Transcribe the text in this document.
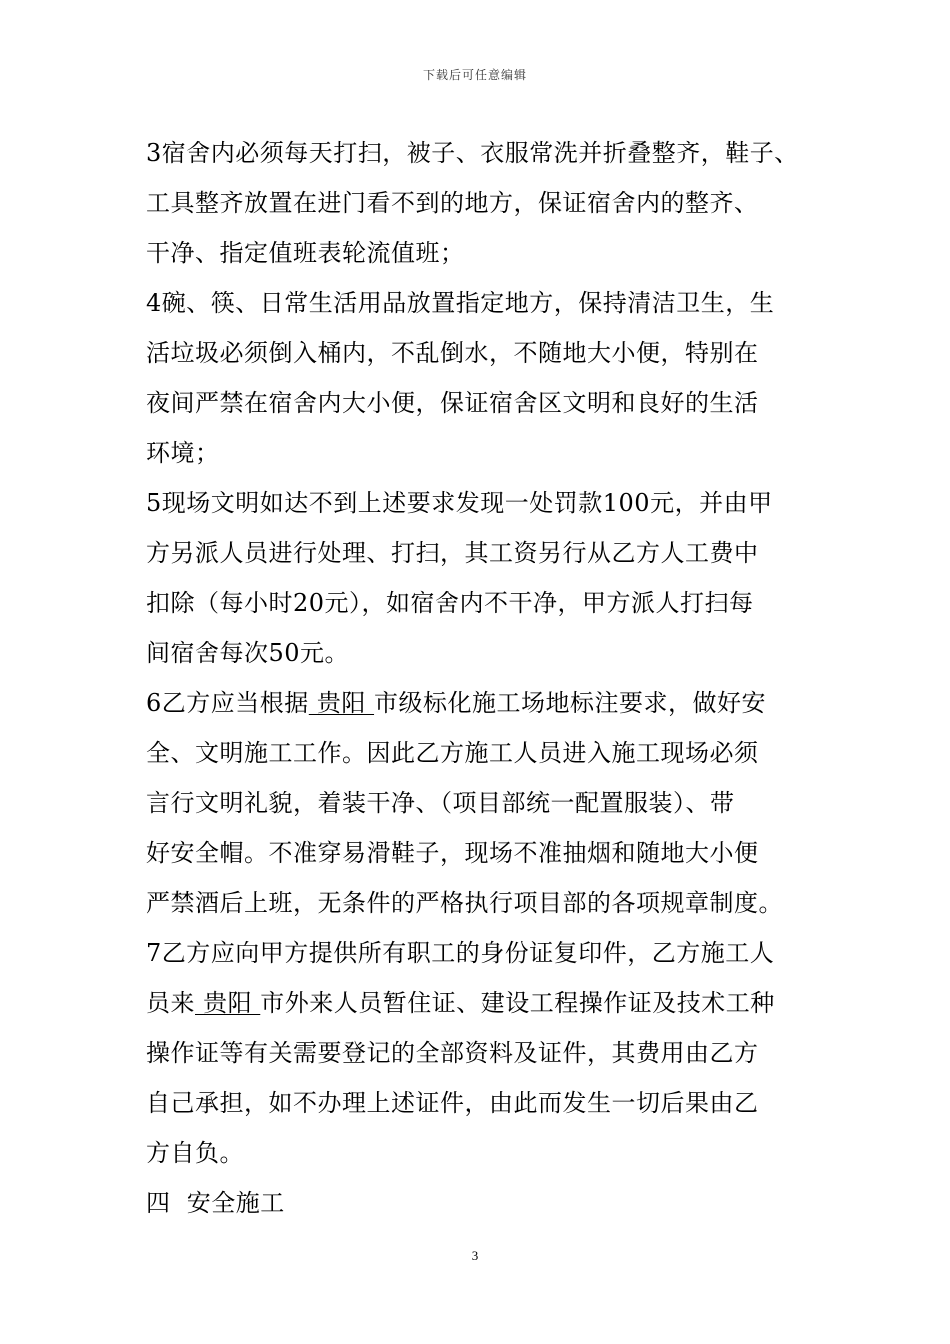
下载后可任意编辑
3宿舍内必须每天打扫，被子、衣服常洗并折叠整齐，鞋子、
工具整齐放置在进门看不到的地方，保证宿舍内的整齐、
干净、指定值班表轮流值班；
4碗、筷、日常生活用品放置指定地方，保持清洁卫生，生
活垃圾必须倒入桶内，不乱倒水，不随地大小便，特别在
夜间严禁在宿舍内大小便，保证宿舍区文明和良好的生活
环境；
5现场文明如达不到上述要求发现一处罚款100元，并由甲
方另派人员进行处理、打扫，其工资另行从乙方人工费中
扣除（每小时20元），如宿舍内不干净，甲方派人打扫每
间宿舍每次50元。
6乙方应当根据 贵阳 市级标化施工场地标注要求，做好安
全、文明施工工作。因此乙方施工人员进入施工现场必须
言行文明礼貌，着装干净、（项目部统一配置服装）、带
好安全帽。不准穿易滑鞋子，现场不准抽烟和随地大小便
严禁酒后上班，无条件的严格执行项目部的各项规章制度。
7乙方应向甲方提供所有职工的身份证复印件，乙方施工人
员来 贵阳 市外来人员暂住证、建设工程操作证及技术工种
操作证等有关需要登记的全部资料及证件，其费用由乙方
自己承担，如不办理上述证件，由此而发生一切后果由乙
方自负。
四  安全施工
3
